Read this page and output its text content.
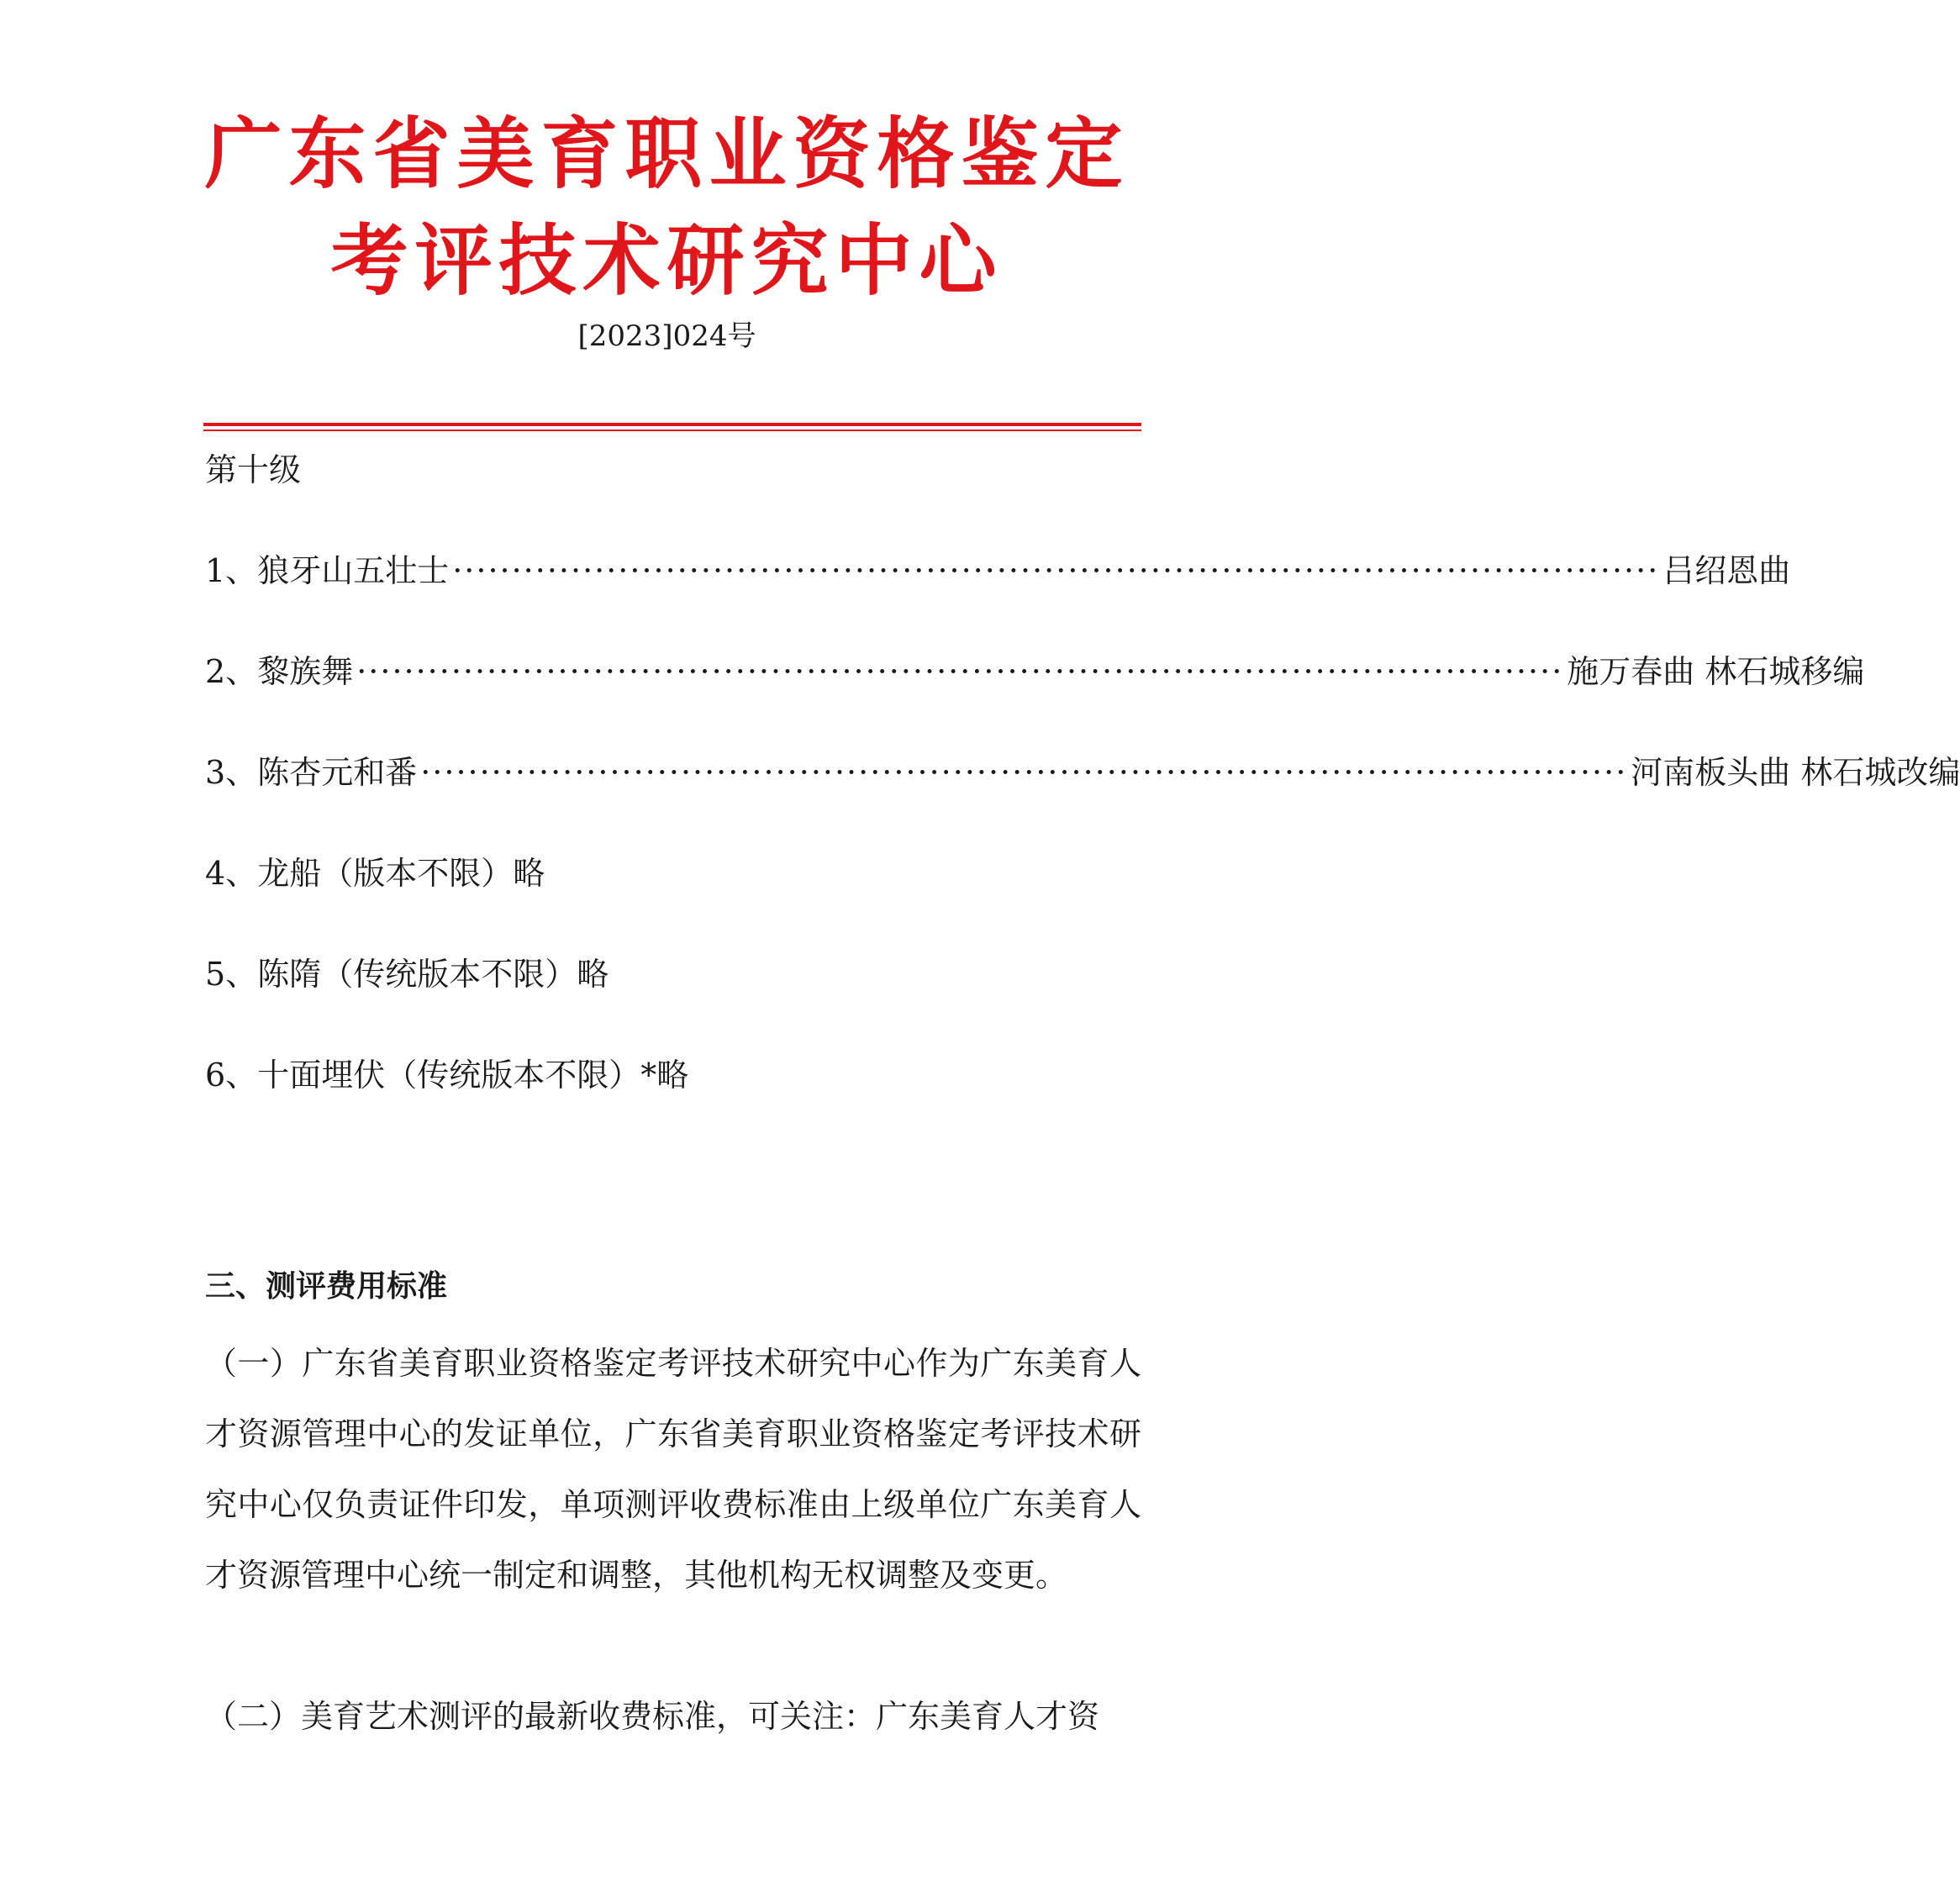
广东省美育职业资格鉴定
考评技术研究中心
[2023]024号
第十级
1、 狼牙山五壮士 ······································································································ 吕绍恩曲
2、 黎族舞 ······································································································ 施万春曲 林石城移编
3、 陈杏元和番 ······································································································ 河南板头曲 林石城改编
4、 龙船（版本不限）略
5、 陈隋（传统版本不限）略
6、 十面埋伏（传统版本不限）*略
三、测评费用标准
（一）广东省美育职业资格鉴定考评技术研究中心作为广东美育人才资源管理中心的发证单位，广东省美育职业资格鉴定考评技术研究中心仅负责证件印发，单项测评收费标准由上级单位广东美育人才资源管理中心统一制定和调整，其他机构无权调整及变更。
（二）美育艺术测评的最新收费标准，可关注：广东美育人才资
